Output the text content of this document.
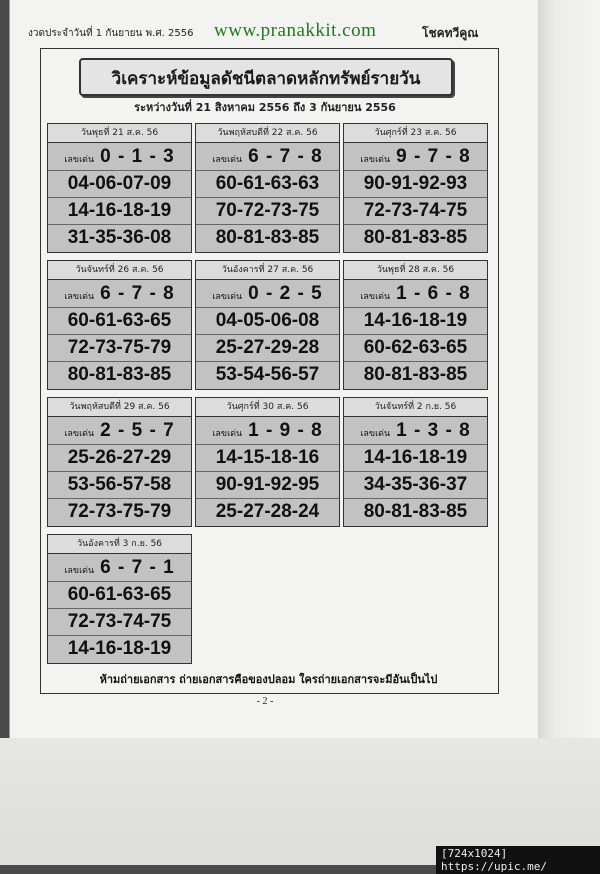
งวดประจำวันที่ 1 กันยายน พ.ศ. 2556 www.pranakkit.com	โชคทวีคูณ
วิเคราะห์ข้อมูลดัชนีตลาดหลักทรัพย์รายวัน
ระหว่างวันที่ 21 สิงหาคม 2556 ถึง 3 กันยายน 2556
วันพุธที่ 21 ส.ค. 56
เลขเด่น 0 - 1 - 3
04-06-07-09
14-16-18-19
31-35-36-08
วันพฤหัสบดีที่ 22 ส.ค. 56
เลขเด่น 6 - 7 - 8
60-61-63-63
70-72-73-75
80-81-83-85
วันศุกร์ที่ 23 ส.ค. 56
เลขเด่น 9 - 7 - 8
90-91-92-93
72-73-74-75
80-81-83-85
วันจันทร์ที่ 26 ส.ค. 56
เลขเด่น 6 - 7 - 8
60-61-63-65
72-73-75-79
80-81-83-85
วันอังคารที่ 27 ส.ค. 56
เลขเด่น 0 - 2 - 5
04-05-06-08
25-27-29-28
53-54-56-57
วันพุธที่ 28 ส.ค. 56
เลขเด่น 1 - 6 - 8
14-16-18-19
60-62-63-65
80-81-83-85
วันพฤหัสบดีที่ 29 ส.ค. 56
เลขเด่น 2 - 5 - 7
25-26-27-29
53-56-57-58
72-73-75-79
วันศุกร์ที่ 30 ส.ค. 56
เลขเด่น 1 - 9 - 8
14-15-18-16
90-91-92-95
25-27-28-24
วันจันทร์ที่ 2 ก.ย. 56
เลขเด่น 1 - 3 - 8
14-16-18-19
34-35-36-37
80-81-83-85
วันอังคารที่ 3 ก.ย. 56
เลขเด่น 6 - 7 - 1
60-61-63-65
72-73-74-75
14-16-18-19
ห้ามถ่ายเอกสาร ถ่ายเอกสารคือของปลอม ใครถ่ายเอกสารจะมีอันเป็นไป
- 2 -
[724x1024] https://upic.me/
